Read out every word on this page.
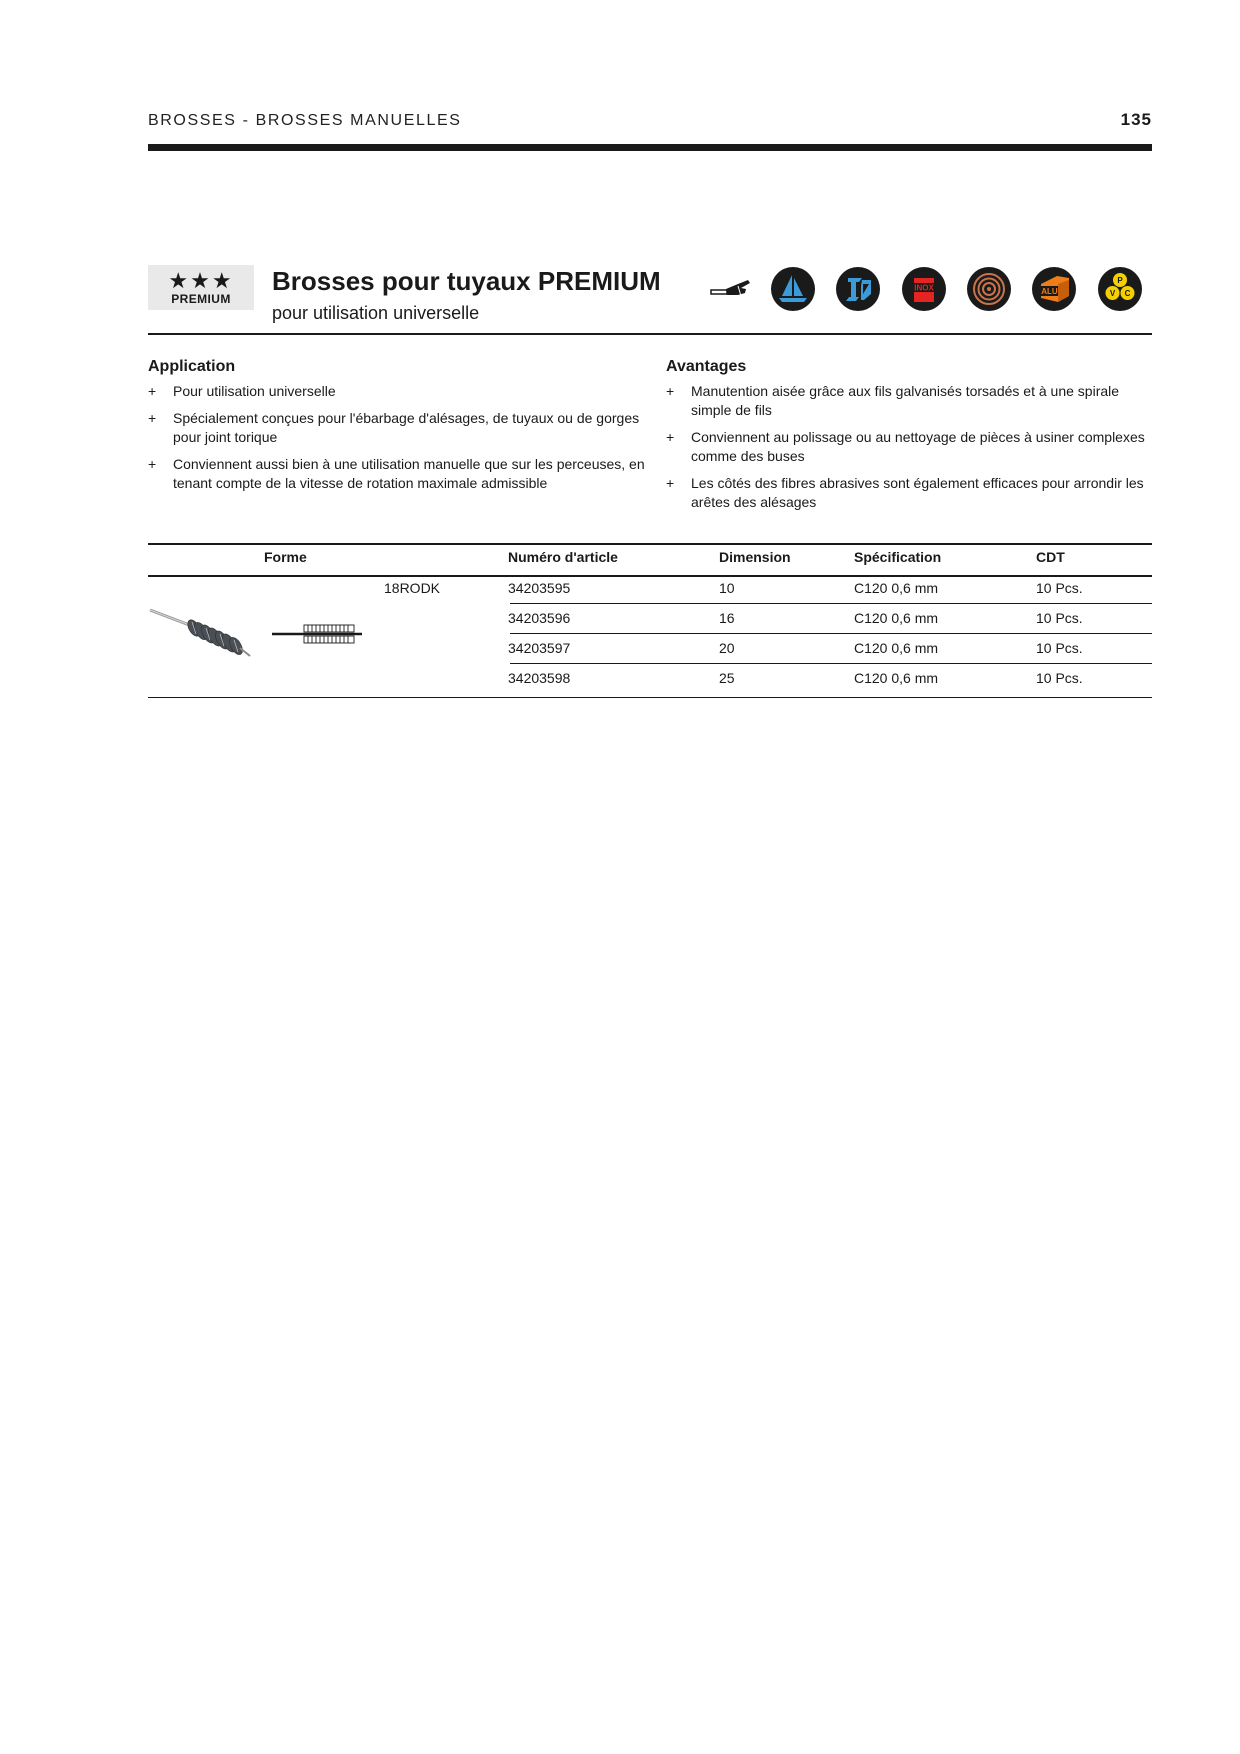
BROSSES - BROSSES MANUELLES	135
★★★
PREMIUM
Brosses pour tuyaux PREMIUM
pour utilisation universelle
INOX	ALU
P
V C
Application
+ Pour utilisation universelle
+ Spécialement conçues pour l'ébarbage d'alésages, de tuyaux ou de gorges pour joint torique
+ Conviennent aussi bien à une utilisation manuelle que sur les perceuses, en tenant compte de la vitesse de rotation maximale admissible
Avantages
+ Manutention aisée grâce aux fils galvanisés torsadés et à une spirale simple de fils
+ Conviennent au polissage ou au nettoyage de pièces à usiner complexes comme des buses
+ Les côtés des fibres abrasives sont également efficaces pour arrondir les arêtes des alésages
Forme	Numéro d'article	Dimension	Spécification	CDT
18RODK	34203595	10	C120 0,6 mm	10 Pcs.
34203596	16	C120 0,6 mm	10 Pcs.
34203597	20	C120 0,6 mm	10 Pcs.
34203598	25	C120 0,6 mm	10 Pcs.
